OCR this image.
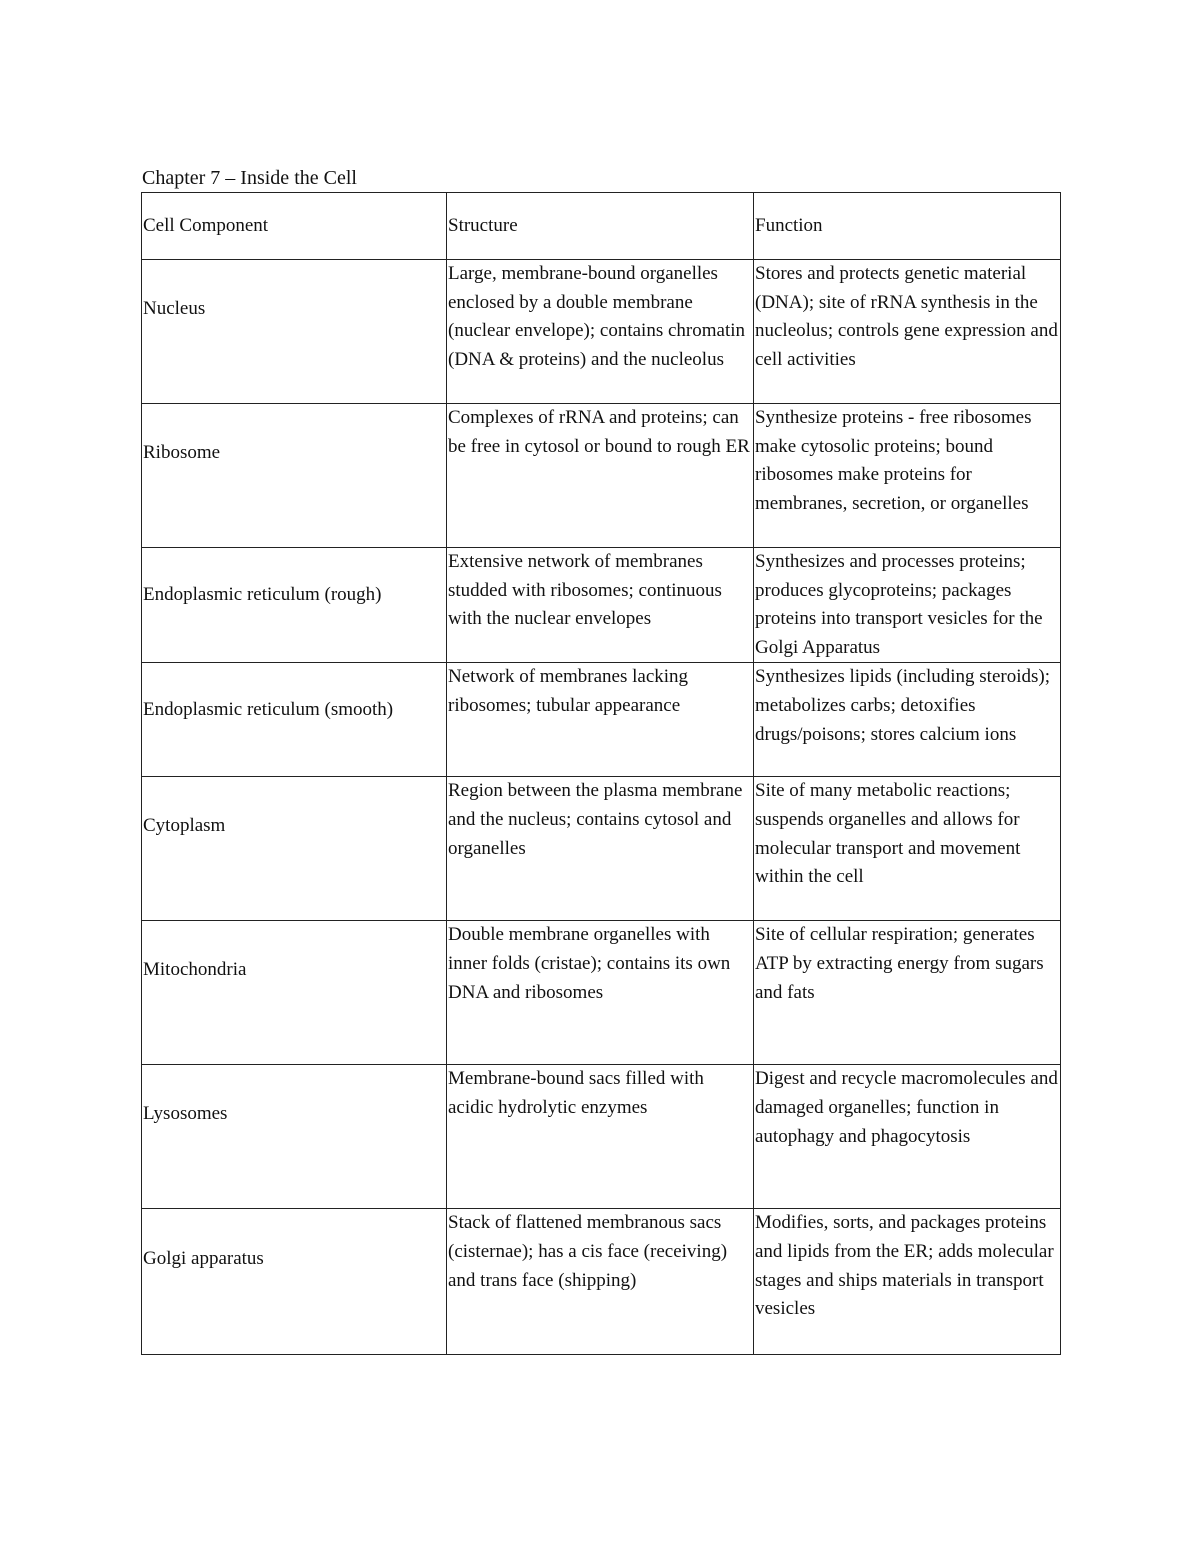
Chapter 7 – Inside the Cell
Cell Component	Structure	Function
Nucleus	Large, membrane-bound organelles enclosed by a double membrane (nuclear envelope); contains chromatin (DNA & proteins) and the nucleolus	Stores and protects genetic material (DNA); site of rRNA synthesis in the nucleolus; controls gene expression and cell activities
Ribosome	Complexes of rRNA and proteins; can be free in cytosol or bound to rough ER	Synthesize proteins - free ribosomes make cytosolic proteins; bound ribosomes make proteins for membranes, secretion, or organelles
Endoplasmic reticulum (rough)	Extensive network of membranes studded with ribosomes; continuous with the nuclear envelopes	Synthesizes and processes proteins; produces glycoproteins; packages proteins into transport vesicles for the Golgi Apparatus
Endoplasmic reticulum (smooth)	Network of membranes lacking ribosomes; tubular appearance	Synthesizes lipids (including steroids); metabolizes carbs; detoxifies drugs/poisons; stores calcium ions
Cytoplasm	Region between the plasma membrane and the nucleus; contains cytosol and organelles	Site of many metabolic reactions; suspends organelles and allows for molecular transport and movement within the cell
Mitochondria	Double membrane organelles with inner folds (cristae); contains its own DNA and ribosomes	Site of cellular respiration; generates ATP by extracting energy from sugars and fats
Lysosomes	Membrane-bound sacs filled with acidic hydrolytic enzymes	Digest and recycle macromolecules and damaged organelles; function in autophagy and phagocytosis
Golgi apparatus	Stack of flattened membranous sacs (cisternae); has a cis face (receiving) and trans face (shipping)	Modifies, sorts, and packages proteins and lipids from the ER; adds molecular stages and ships materials in transport vesicles
